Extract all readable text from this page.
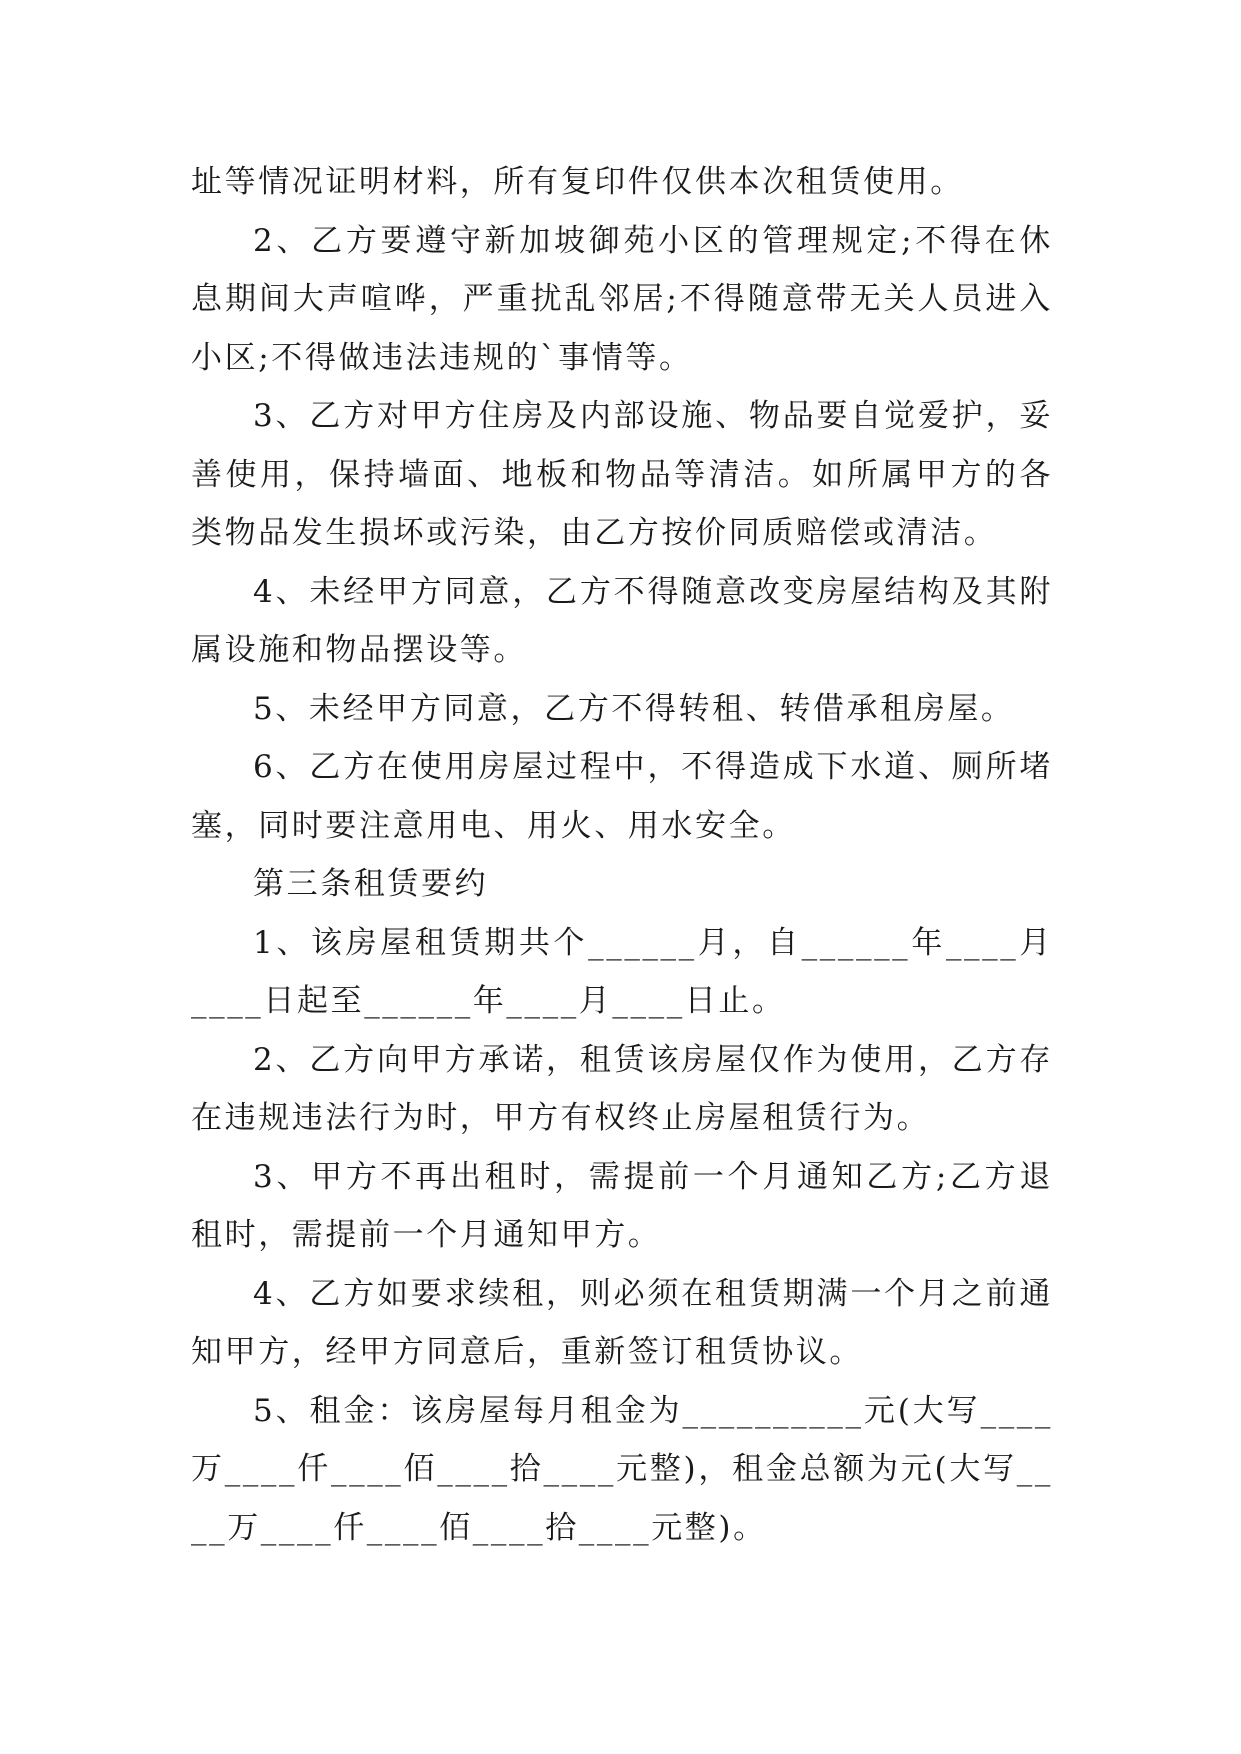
址等情况证明材料，所有复印件仅供本次租赁使用。

2、乙方要遵守新加坡御苑小区的管理规定;不得在休息期间大声喧哗，严重扰乱邻居;不得随意带无关人员进入小区;不得做违法违规的`事情等。

3、乙方对甲方住房及内部设施、物品要自觉爱护，妥善使用，保持墙面、地板和物品等清洁。如所属甲方的各类物品发生损坏或污染，由乙方按价同质赔偿或清洁。

4、未经甲方同意，乙方不得随意改变房屋结构及其附属设施和物品摆设等。

5、未经甲方同意，乙方不得转租、转借承租房屋。

6、乙方在使用房屋过程中，不得造成下水道、厕所堵塞，同时要注意用电、用火、用水安全。

第三条租赁要约

1、该房屋租赁期共个______月，自______年____月____日起至______年____月____日止。

2、乙方向甲方承诺，租赁该房屋仅作为使用，乙方存在违规违法行为时，甲方有权终止房屋租赁行为。

3、甲方不再出租时，需提前一个月通知乙方;乙方退租时，需提前一个月通知甲方。

4、乙方如要求续租，则必须在租赁期满一个月之前通知甲方，经甲方同意后，重新签订租赁协议。

5、租金：该房屋每月租金为__________元(大写____万____仟____佰____拾____元整)，租金总额为元(大写____万____仟____佰____拾____元整)。
